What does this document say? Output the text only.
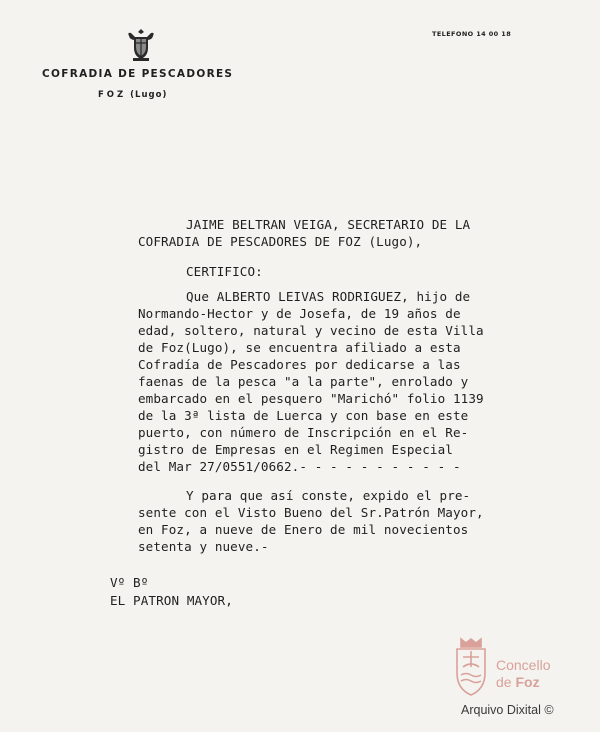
COFRADIA DE PESCADORES
FOZ (Lugo)
TELEFONO 14 00 18
JAIME BELTRAN VEIGA, SECRETARIO DE LA
COFRADIA DE PESCADORES DE FOZ (Lugo),
CERTIFICO:
Que ALBERTO LEIVAS RODRIGUEZ, hijo de
Normando-Hector y de Josefa, de 19 años de
edad, soltero, natural y vecino de esta Villa
de Foz(Lugo), se encuentra afiliado a esta
Cofradía de Pescadores por dedicarse a las
faenas de la pesca "a la parte", enrolado y
embarcado en el pesquero "Marichó" folio 1139
de la 3ª lista de Luerca y con base en este
puerto, con número de Inscripción en el Re-
gistro de Empresas en el Regimen Especial
del Mar 27/0551/0662.- - - - - - - - - - -
Y para que así conste, expido el pre-
sente con el Visto Bueno del Sr.Patrón Mayor,
en Foz, a nueve de Enero de mil novecientos
setenta y nueve.-
Vº Bº
EL PATRON MAYOR,
Concello
de Foz
Arquivo Dixital ©
